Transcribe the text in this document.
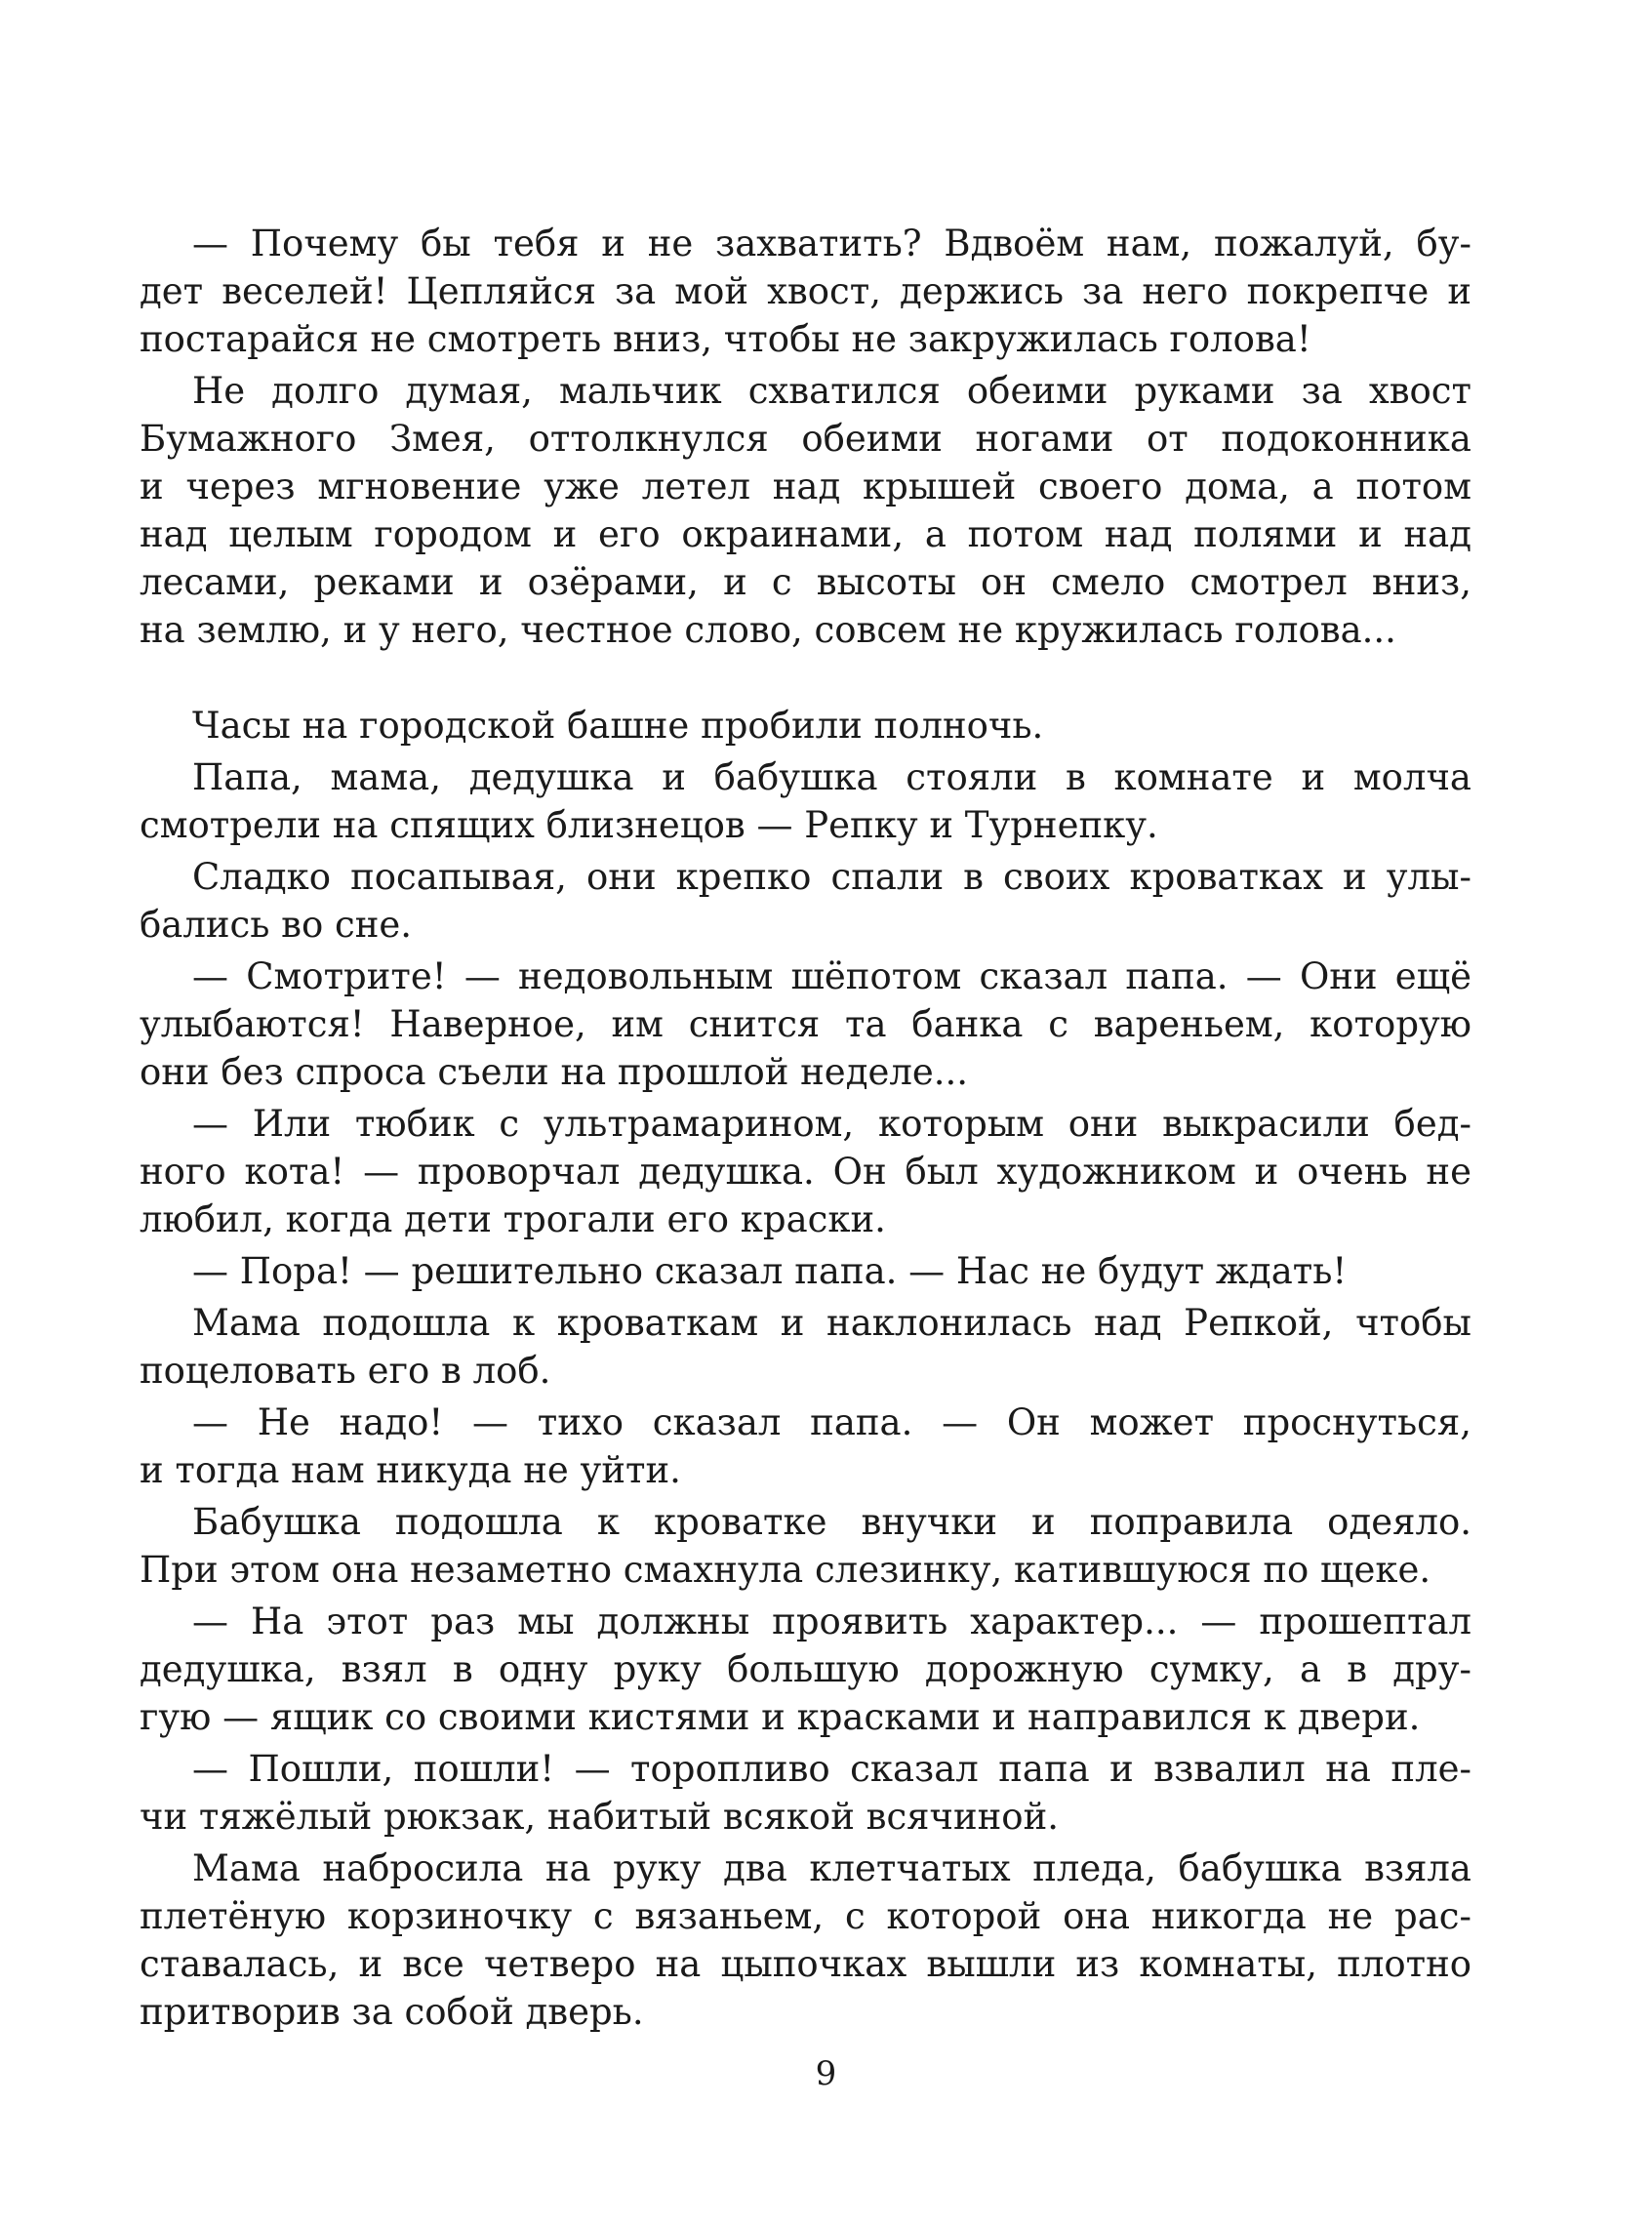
— Почему бы тебя и не захватить? Вдвоём нам, пожалуй, бу-
дет веселей! Цепляйся за мой хвост, держись за него покрепче и
постарайся не смотреть вниз, чтобы не закружилась голова!
Не долго думая, мальчик схватился обеими руками за хвост
Бумажного Змея, оттолкнулся обеими ногами от подоконника
и через мгновение уже летел над крышей своего дома, а потом
над целым городом и его окраинами, а потом над полями и над
лесами, реками и озёрами, и с высоты он смело смотрел вниз,
на землю, и у него, честное слово, совсем не кружилась голова...
Часы на городской башне пробили полночь.
Папа, мама, дедушка и бабушка стояли в комнате и молча
смотрели на спящих близнецов — Репку и Турнепку.
Сладко посапывая, они крепко спали в своих кроватках и улы-
бались во сне.
— Смотрите! — недовольным шёпотом сказал папа. — Они ещё
улыбаются! Наверное, им снится та банка с вареньем, которую
они без спроса съели на прошлой неделе...
— Или тюбик с ультрамарином, которым они выкрасили бед-
ного кота! — проворчал дедушка. Он был художником и очень не
любил, когда дети трогали его краски.
— Пора! — решительно сказал папа. — Нас не будут ждать!
Мама подошла к кроваткам и наклонилась над Репкой, чтобы
поцеловать его в лоб.
— Не надо! — тихо сказал папа. — Он может проснуться,
и тогда нам никуда не уйти.
Бабушка подошла к кроватке внучки и поправила одеяло.
При этом она незаметно смахнула слезинку, катившуюся по щеке.
— На этот раз мы должны проявить характер... — прошептал
дедушка, взял в одну руку большую дорожную сумку, а в дру-
гую — ящик со своими кистями и красками и направился к двери.
— Пошли, пошли! — торопливо сказал папа и взвалил на пле-
чи тяжёлый рюкзак, набитый всякой всячиной.
Мама набросила на руку два клетчатых пледа, бабушка взяла
плетёную корзиночку с вязаньем, с которой она никогда не рас-
ставалась, и все четверо на цыпочках вышли из комнаты, плотно
притворив за собой дверь.
9
